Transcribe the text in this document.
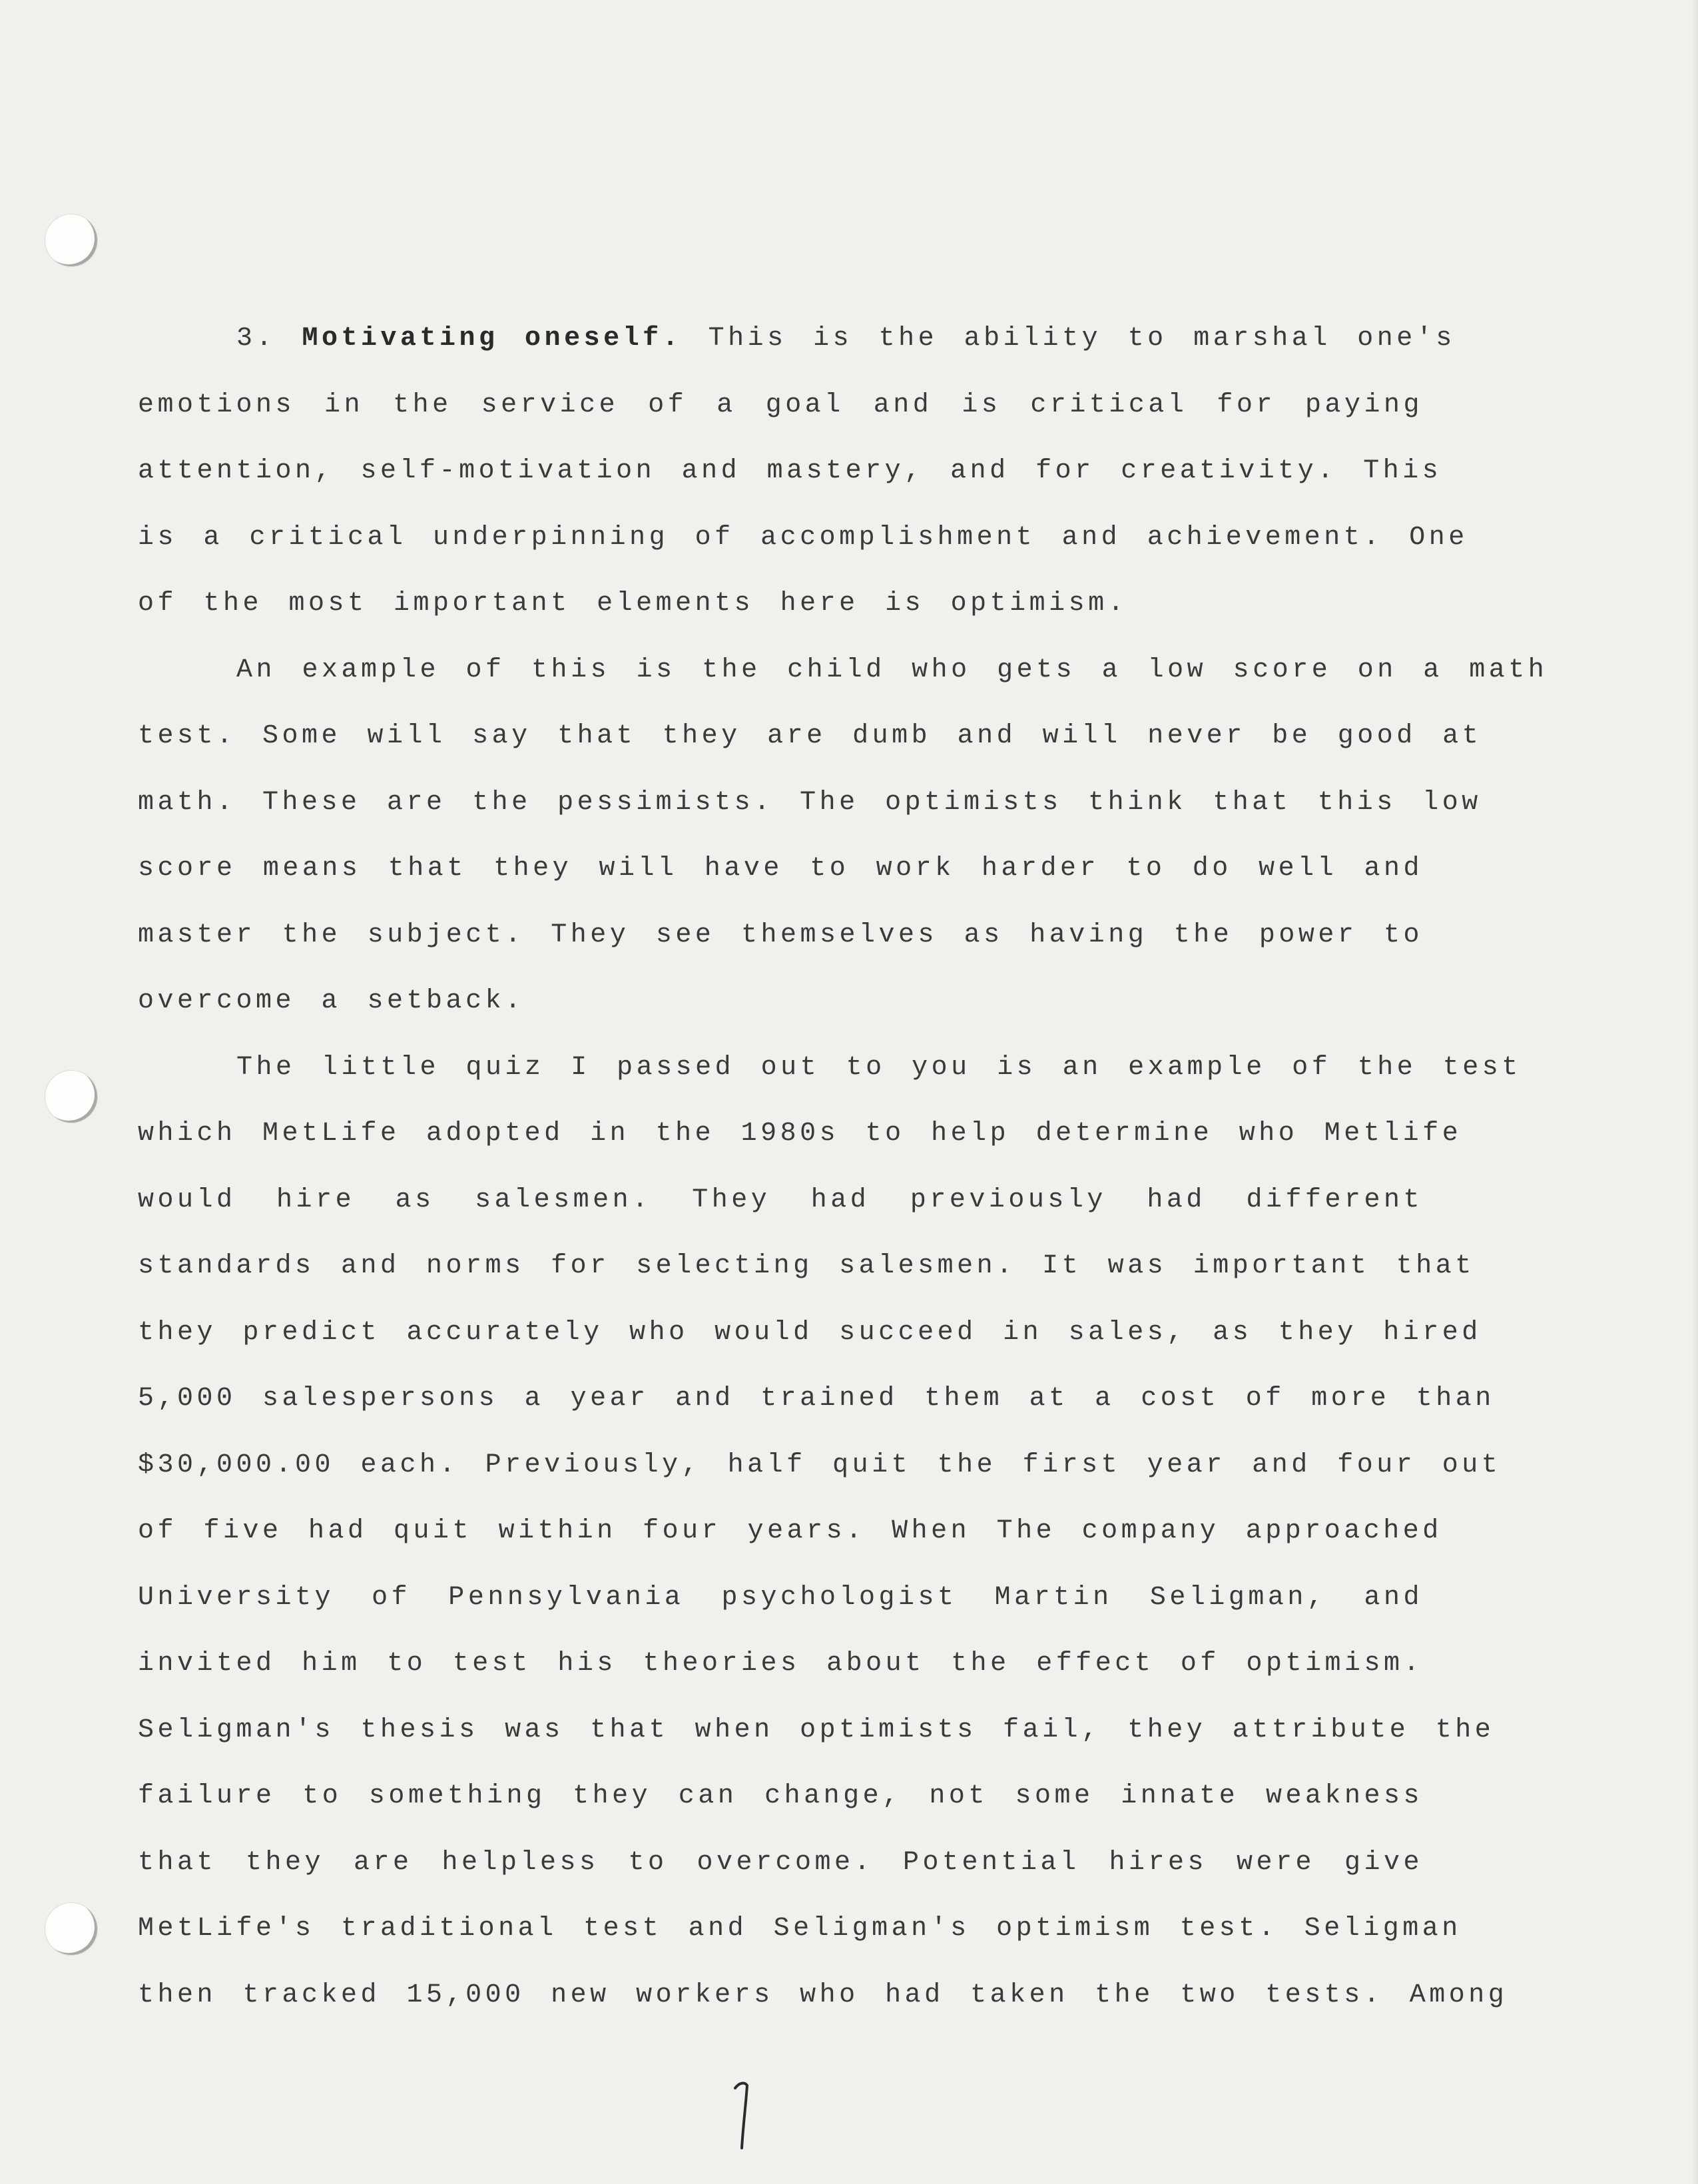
3. Motivating oneself. This is the ability to marshal one's
emotions in the service of a goal and is critical for paying
attention, self-motivation and mastery, and for creativity. This
is a critical underpinning of accomplishment and achievement. One
of the most important elements here is optimism.
An example of this is the child who gets a low score on a math
test. Some will say that they are dumb and will never be good at
math. These are the pessimists. The optimists think that this low
score means that they will have to work harder to do well and
master the subject. They see themselves as having the power to
overcome a setback.
The little quiz I passed out to you is an example of the test
which MetLife adopted in the 1980s to help determine who Metlife
would hire as salesmen. They had previously had different
standards and norms for selecting salesmen. It was important that
they predict accurately who would succeed in sales, as they hired
5,000 salespersons a year and trained them at a cost of more than
$30,000.00 each. Previously, half quit the first year and four out
of five had quit within four years. When The company approached
University of Pennsylvania psychologist Martin Seligman, and
invited him to test his theories about the effect of optimism.
Seligman's thesis was that when optimists fail, they attribute the
failure to something they can change, not some innate weakness
that they are helpless to overcome. Potential hires were give
MetLife's traditional test and Seligman's optimism test. Seligman
then tracked 15,000 new workers who had taken the two tests. Among
